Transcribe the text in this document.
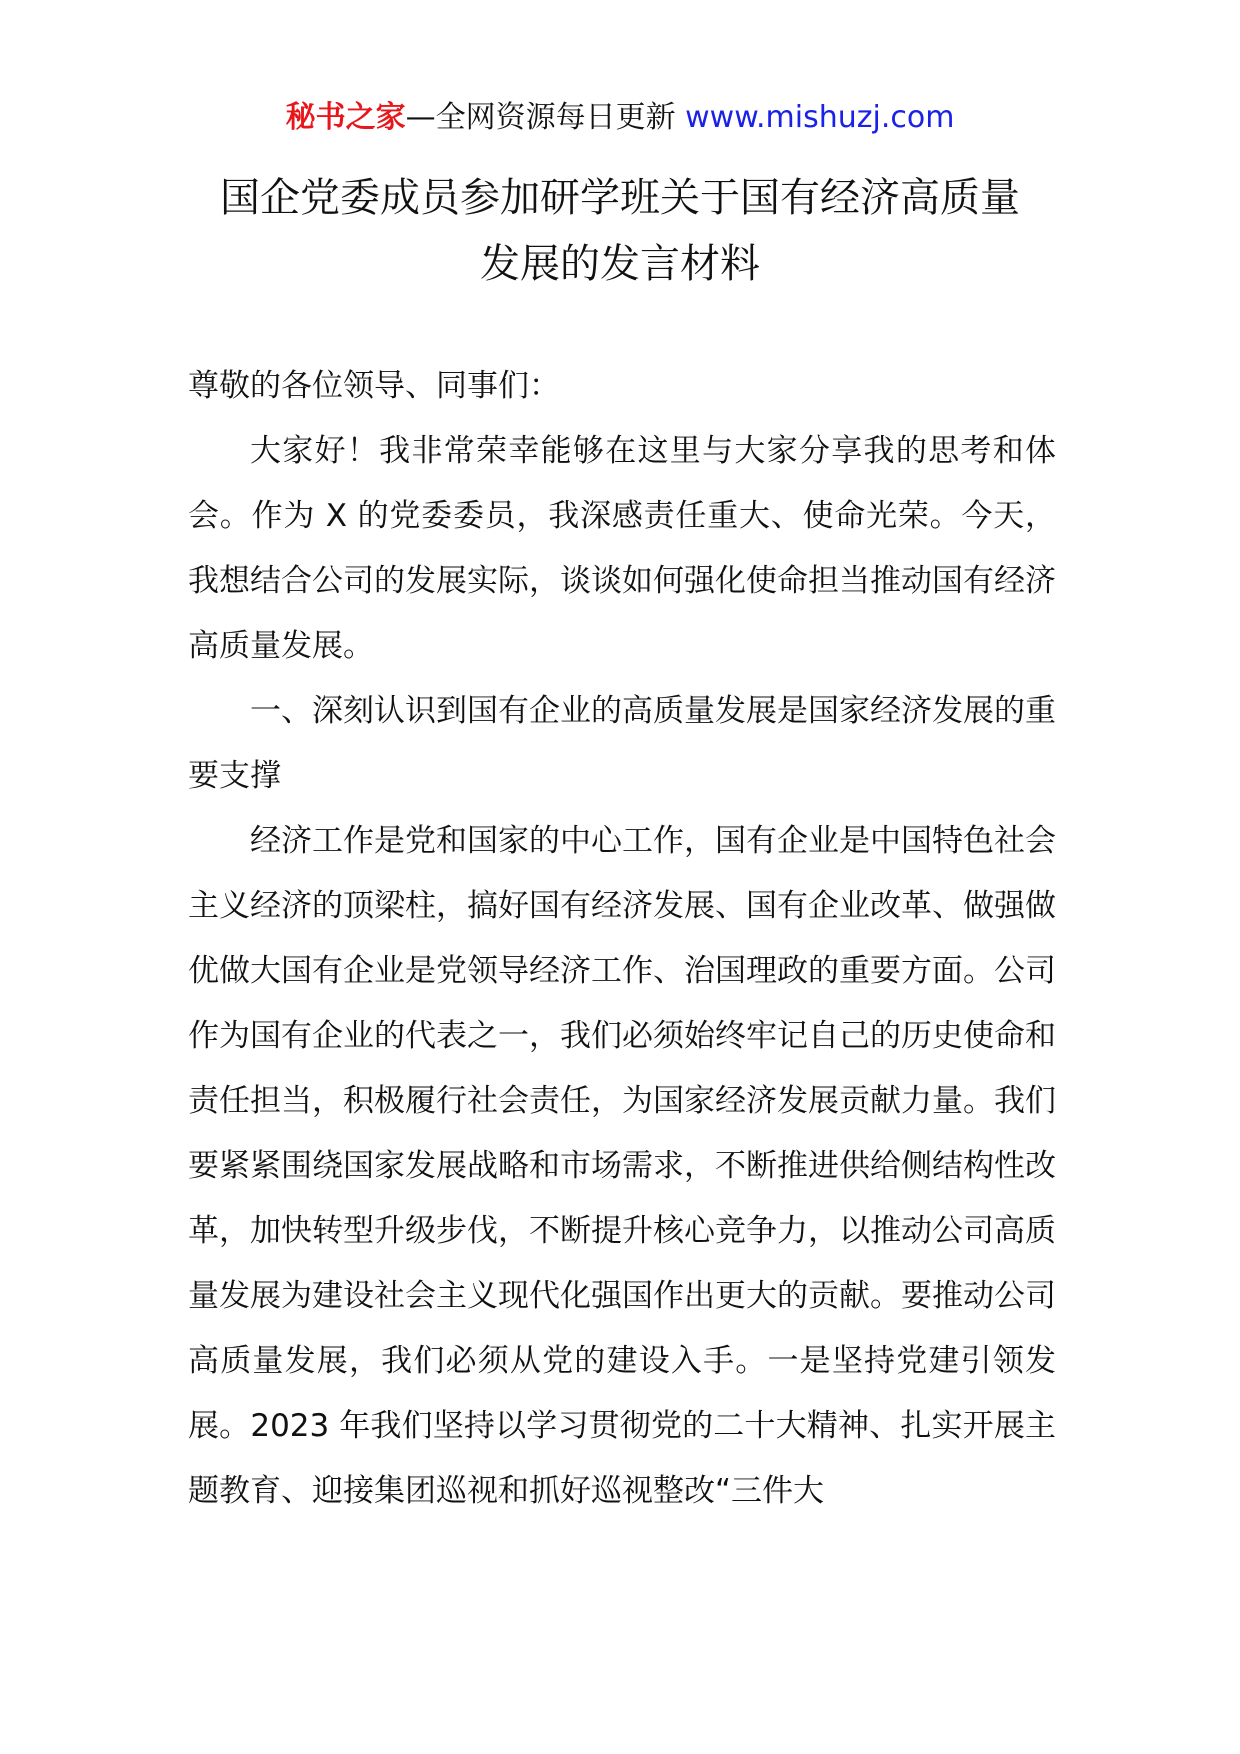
秘书之家—全网资源每日更新 www.mishuzj.com
国企党委成员参加研学班关于国有经济高质量
发展的发言材料

尊敬的各位领导、同事们：

大家好！我非常荣幸能够在这里与大家分享我的思考和体会。作为 X 的党委委员，我深感责任重大、使命光荣。今天，我想结合公司的发展实际，谈谈如何强化使命担当推动国有经济高质量发展。

一、深刻认识到国有企业的高质量发展是国家经济发展的重要支撑

经济工作是党和国家的中心工作，国有企业是中国特色社会主义经济的顶梁柱，搞好国有经济发展、国有企业改革、做强做优做大国有企业是党领导经济工作、治国理政的重要方面。公司作为国有企业的代表之一，我们必须始终牢记自己的历史使命和责任担当，积极履行社会责任，为国家经济发展贡献力量。我们要紧紧围绕国家发展战略和市场需求，不断推进供给侧结构性改革，加快转型升级步伐，不断提升核心竞争力，以推动公司高质量发展为建设社会主义现代化强国作出更大的贡献。要推动公司高质量发展，我们必须从党的建设入手。一是坚持党建引领发展。2023 年我们坚持以学习贯彻党的二十大精神、扎实开展主题教育、迎接集团巡视和抓好巡视整改“三件大
